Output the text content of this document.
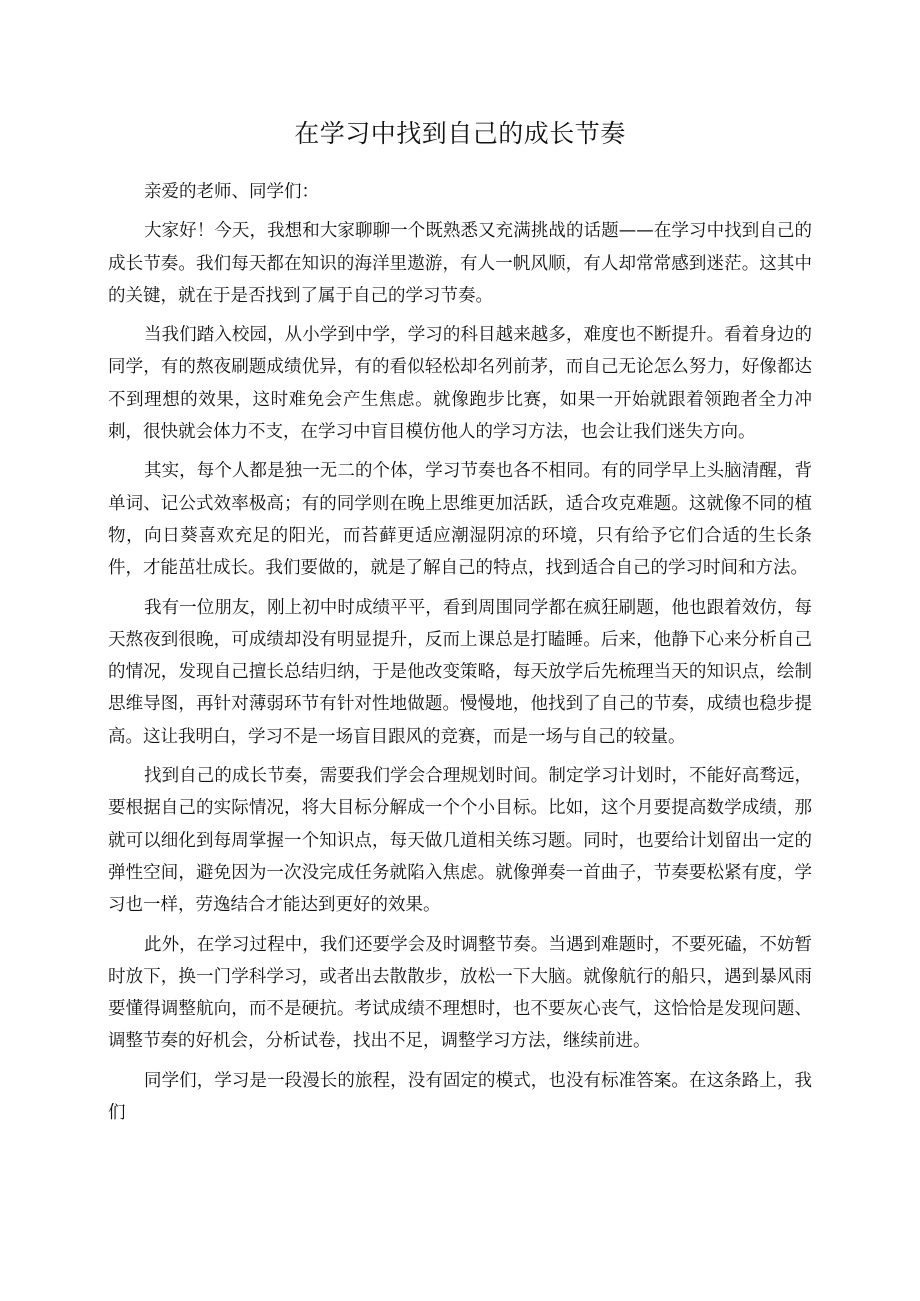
在学习中找到自己的成长节奏

亲爱的老师、同学们：

大家好！今天，我想和大家聊聊一个既熟悉又充满挑战的话题——在学习中找到自己的成长节奏。我们每天都在知识的海洋里遨游，有人一帆风顺，有人却常常感到迷茫。这其中的关键，就在于是否找到了属于自己的学习节奏。

当我们踏入校园，从小学到中学，学习的科目越来越多，难度也不断提升。看着身边的同学，有的熬夜刷题成绩优异，有的看似轻松却名列前茅，而自己无论怎么努力，好像都达不到理想的效果，这时难免会产生焦虑。就像跑步比赛，如果一开始就跟着领跑者全力冲刺，很快就会体力不支，在学习中盲目模仿他人的学习方法，也会让我们迷失方向。

其实，每个人都是独一无二的个体，学习节奏也各不相同。有的同学早上头脑清醒，背单词、记公式效率极高；有的同学则在晚上思维更加活跃，适合攻克难题。这就像不同的植物，向日葵喜欢充足的阳光，而苔藓更适应潮湿阴凉的环境，只有给予它们合适的生长条件，才能茁壮成长。我们要做的，就是了解自己的特点，找到适合自己的学习时间和方法。

我有一位朋友，刚上初中时成绩平平，看到周围同学都在疯狂刷题，他也跟着效仿，每天熬夜到很晚，可成绩却没有明显提升，反而上课总是打瞌睡。后来，他静下心来分析自己的情况，发现自己擅长总结归纳，于是他改变策略，每天放学后先梳理当天的知识点，绘制思维导图，再针对薄弱环节有针对性地做题。慢慢地，他找到了自己的节奏，成绩也稳步提高。这让我明白，学习不是一场盲目跟风的竞赛，而是一场与自己的较量。

找到自己的成长节奏，需要我们学会合理规划时间。制定学习计划时，不能好高骛远，要根据自己的实际情况，将大目标分解成一个个小目标。比如，这个月要提高数学成绩，那就可以细化到每周掌握一个知识点，每天做几道相关练习题。同时，也要给计划留出一定的弹性空间，避免因为一次没完成任务就陷入焦虑。就像弹奏一首曲子，节奏要松紧有度，学习也一样，劳逸结合才能达到更好的效果。

此外，在学习过程中，我们还要学会及时调整节奏。当遇到难题时，不要死磕，不妨暂时放下，换一门学科学习，或者出去散散步，放松一下大脑。就像航行的船只，遇到暴风雨要懂得调整航向，而不是硬抗。考试成绩不理想时，也不要灰心丧气，这恰恰是发现问题、调整节奏的好机会，分析试卷，找出不足，调整学习方法，继续前进。

同学们，学习是一段漫长的旅程，没有固定的模式，也没有标准答案。在这条路上，我们
